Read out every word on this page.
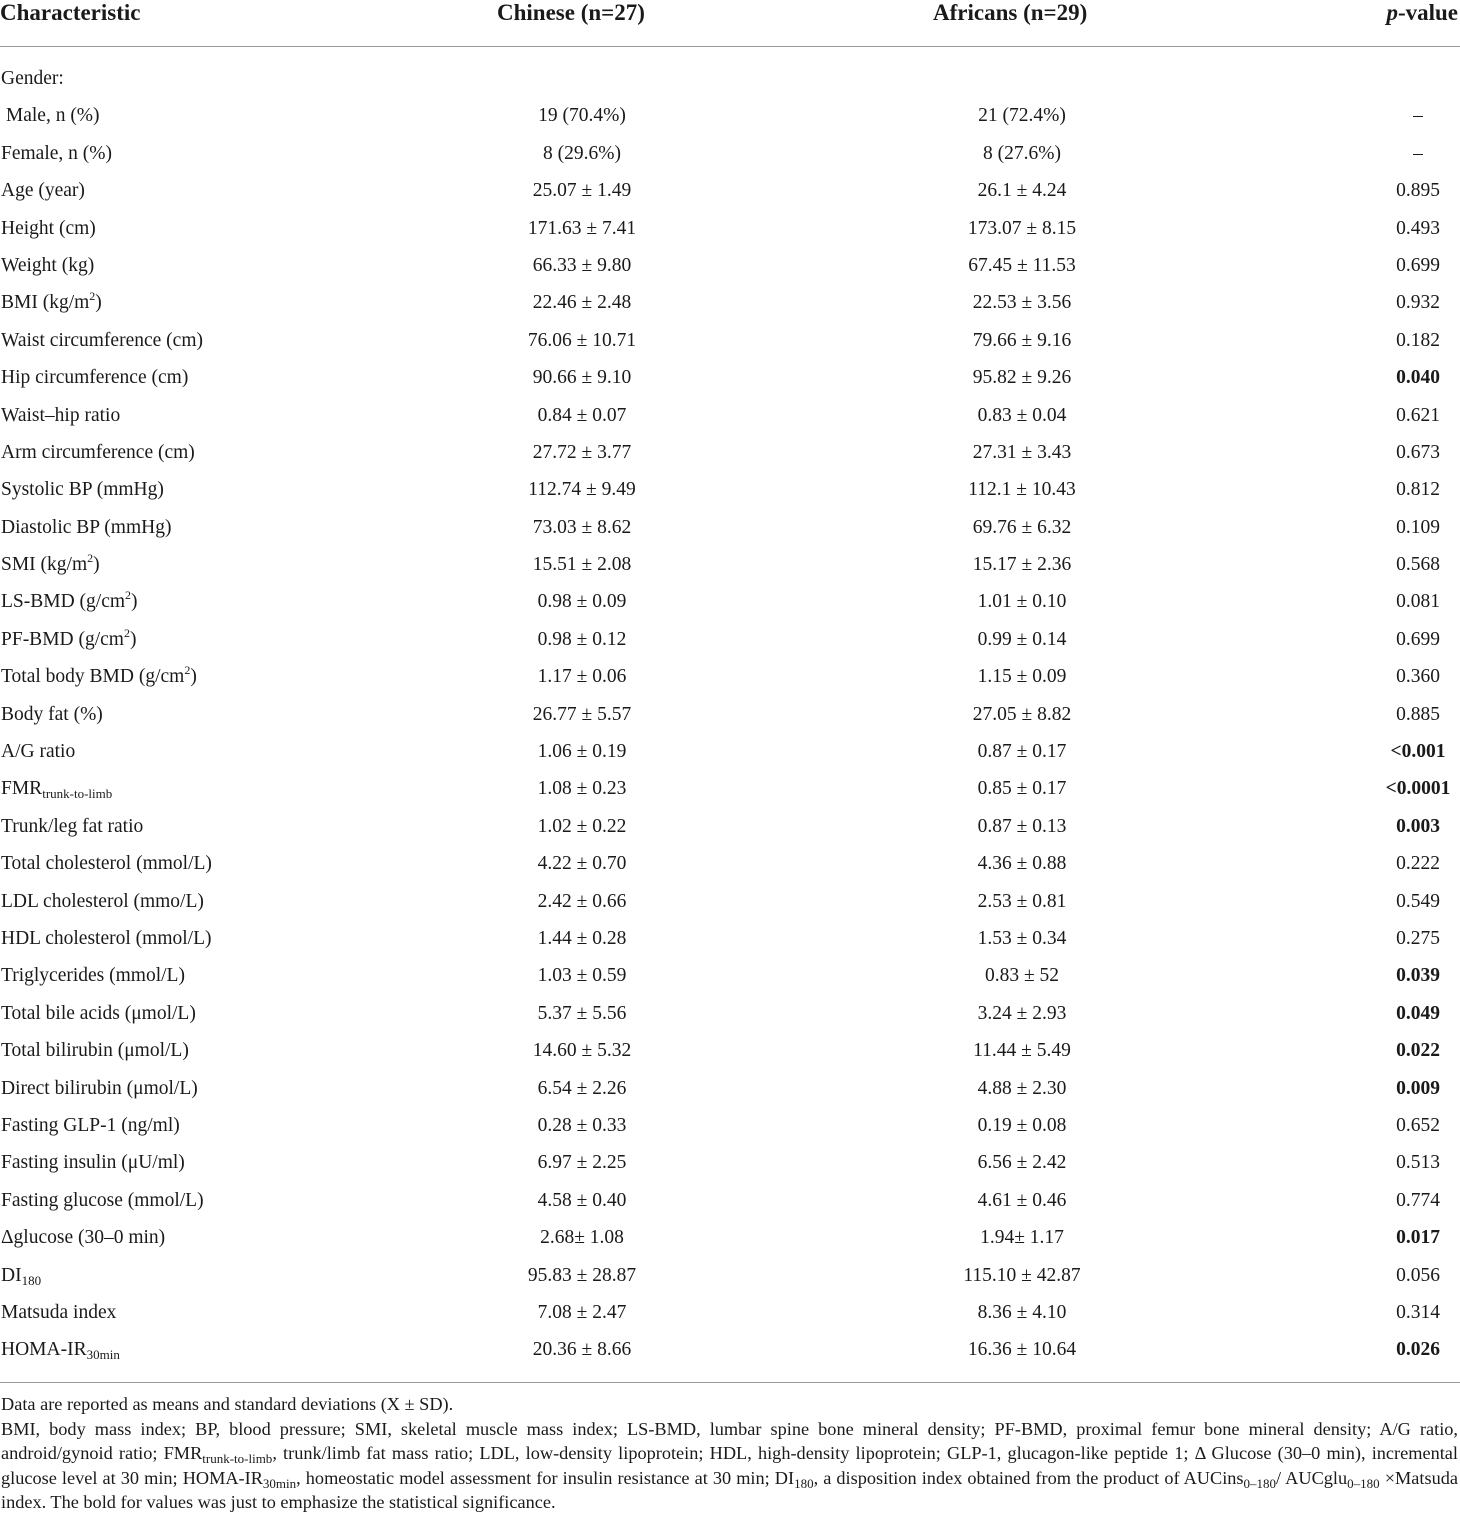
Characteristic	Chinese (n=27)	Africans (n=29)	p-value
Gender:
Male, n (%)	19 (70.4%)	21 (72.4%)	–
Female, n (%)	8 (29.6%)	8 (27.6%)	–
Age (year)	25.07 ± 1.49	26.1 ± 4.24	0.895
Height (cm)	171.63 ± 7.41	173.07 ± 8.15	0.493
Weight (kg)	66.33 ± 9.80	67.45 ± 11.53	0.699
BMI $(kg/m^2)$	22.46 ± 2.48	22.53 ± 3.56	0.932
Waist circumference (cm)	76.06 ± 10.71	79.66 ± 9.16	0.182
Hip circumference (cm)	90.66 ± 9.10	95.82 ± 9.26	0.040
Waist–hip ratio	0.84 ± 0.07	0.83 ± 0.04	0.621
Arm circumference (cm)	27.72 ± 3.77	27.31 ± 3.43	0.673
Systolic BP (mmHg)	112.74 ± 9.49	112.1 ± 10.43	0.812
Diastolic BP (mmHg)	73.03 ± 8.62	69.76 ± 6.32	0.109
SMI $(kg/m^2)$	15.51 ± 2.08	15.17 ± 2.36	0.568
LS-BMD $(g/cm^2)$	0.98 ± 0.09	1.01 ± 0.10	0.081
PF-BMD $(g/cm^2)$	0.98 ± 0.12	0.99 ± 0.14	0.699
Total body BMD $(g/cm^2)$	1.17 ± 0.06	1.15 ± 0.09	0.360
Body fat (%)	26.77 ± 5.57	27.05 ± 8.82	0.885
A/G ratio	1.06 ± 0.19	0.87 ± 0.17	<0.001
$FMR_{trunk-to-limb}$	1.08 ± 0.23	0.85 ± 0.17	<0.0001
Trunk/leg fat ratio	1.02 ± 0.22	0.87 ± 0.13	0.003
Total cholesterol (mmol/L)	4.22 ± 0.70	4.36 ± 0.88	0.222
LDL cholesterol (mmo/L)	2.42 ± 0.66	2.53 ± 0.81	0.549
HDL cholesterol (mmol/L)	1.44 ± 0.28	1.53 ± 0.34	0.275
Triglycerides (mmol/L)	1.03 ± 0.59	0.83 ± 52	0.039
Total bile acids (μmol/L)	5.37 ± 5.56	3.24 ± 2.93	0.049
Total bilirubin (μmol/L)	14.60 ± 5.32	11.44 ± 5.49	0.022
Direct bilirubin (μmol/L)	6.54 ± 2.26	4.88 ± 2.30	0.009
Fasting GLP-1 (ng/ml)	0.28 ± 0.33	0.19 ± 0.08	0.652
Fasting insulin (μU/ml)	6.97 ± 2.25	6.56 ± 2.42	0.513
Fasting glucose (mmol/L)	4.58 ± 0.40	4.61 ± 0.46	0.774
Δglucose (30–0 min)	2.68± 1.08	1.94± 1.17	0.017
$DI_{180}$	95.83 ± 28.87	115.10 ± 42.87	0.056
Matsuda index	7.08 ± 2.47	8.36 ± 4.10	0.314
HOMA-$IR_{30min}$	20.36 ± 8.66	16.36 ± 10.64	0.026

Data are reported as means and standard deviations (X ± SD).

BMI, body mass index; BP, blood pressure; SMI, skeletal muscle mass index; LS-BMD, lumbar spine bone mineral density; PF-BMD, proximal femur bone mineral density; A/G ratio, android/gynoid ratio; $FMR_{trunk-to-limb}$, trunk/limb fat mass ratio; LDL, low-density lipoprotein; HDL, high-density lipoprotein; GLP-1, glucagon-like peptide 1; Δ Glucose (30–0 min), incremental glucose level at 30 min; HOMA-$IR_{30min}$, homeostatic model assessment for insulin resistance at 30 min; $DI_{180}$, a disposition index obtained from the product of AUCins$_{0-180}$/ AUCglu$_{0-180}$ ×Matsuda index. The bold for values was just to emphasize the statistical significance.
